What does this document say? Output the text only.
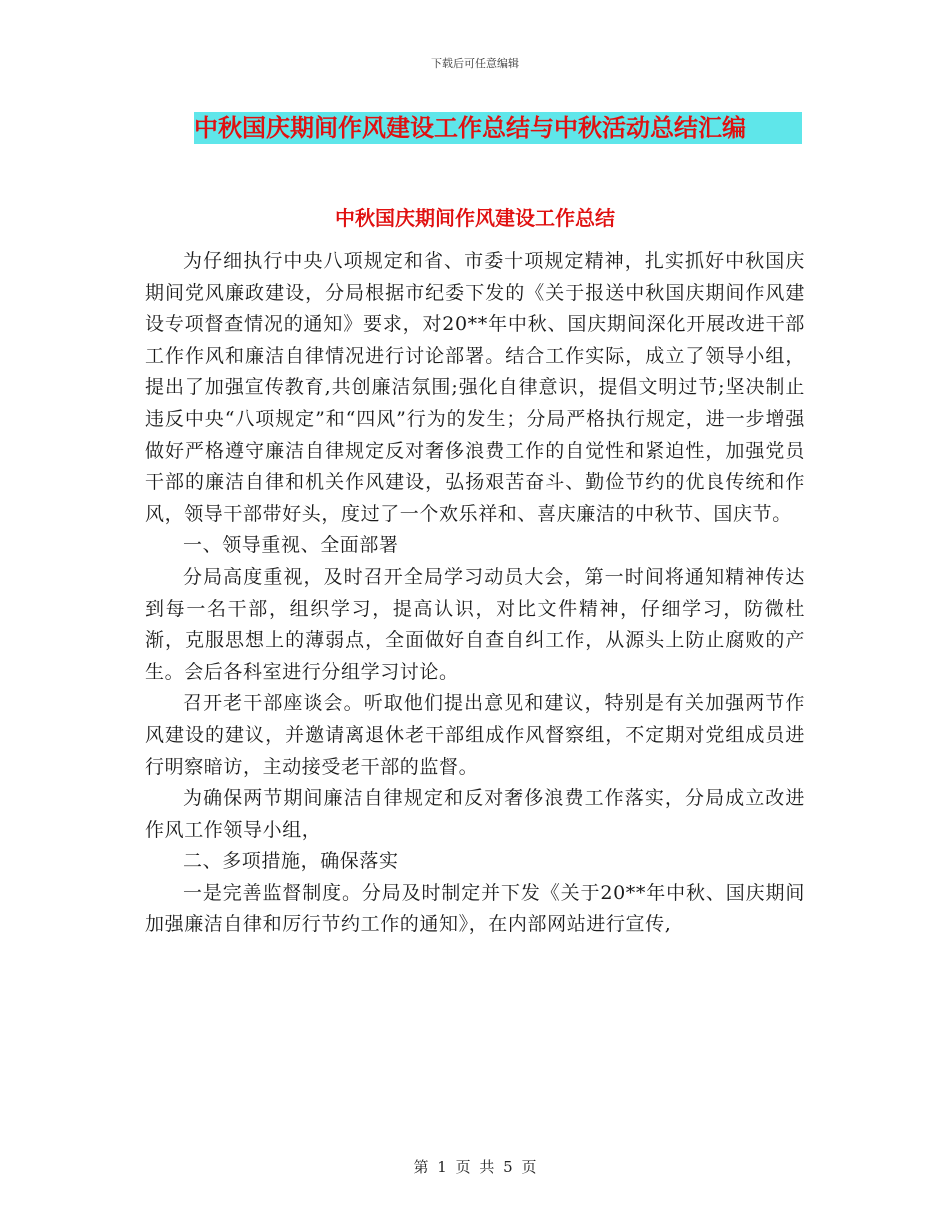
下载后可任意编辑
中秋国庆期间作风建设工作总结与中秋活动总结汇编
中秋国庆期间作风建设工作总结

为仔细执行中央八项规定和省、市委十项规定精神，扎实抓好中秋国庆期间党风廉政建设，分局根据市纪委下发的《关于报送中秋国庆期间作风建设专项督查情况的通知》要求，对20**年中秋、国庆期间深化开展改进干部工作作风和廉洁自律情况进行讨论部署。结合工作实际，成立了领导小组，提出了加强宣传教育,共创廉洁氛围;强化自律意识，提倡文明过节;坚决制止违反中央“八项规定”和“四风”行为的发生；分局严格执行规定，进一步增强做好严格遵守廉洁自律规定反对奢侈浪费工作的自觉性和紧迫性，加强党员干部的廉洁自律和机关作风建设，弘扬艰苦奋斗、勤俭节约的优良传统和作风，领导干部带好头，度过了一个欢乐祥和、喜庆廉洁的中秋节、国庆节。

一、领导重视、全面部署

分局高度重视，及时召开全局学习动员大会，第一时间将通知精神传达到每一名干部，组织学习，提高认识，对比文件精神，仔细学习，防微杜渐，克服思想上的薄弱点，全面做好自查自纠工作，从源头上防止腐败的产生。会后各科室进行分组学习讨论。

召开老干部座谈会。听取他们提出意见和建议，特别是有关加强两节作风建设的建议，并邀请离退休老干部组成作风督察组，不定期对党组成员进行明察暗访，主动接受老干部的监督。

为确保两节期间廉洁自律规定和反对奢侈浪费工作落实，分局成立改进作风工作领导小组，

二、多项措施，确保落实

一是完善监督制度。分局及时制定并下发《关于20**年中秋、国庆期间加强廉洁自律和厉行节约工作的通知》，在内部网站进行宣传,

第 1 页 共 5 页
